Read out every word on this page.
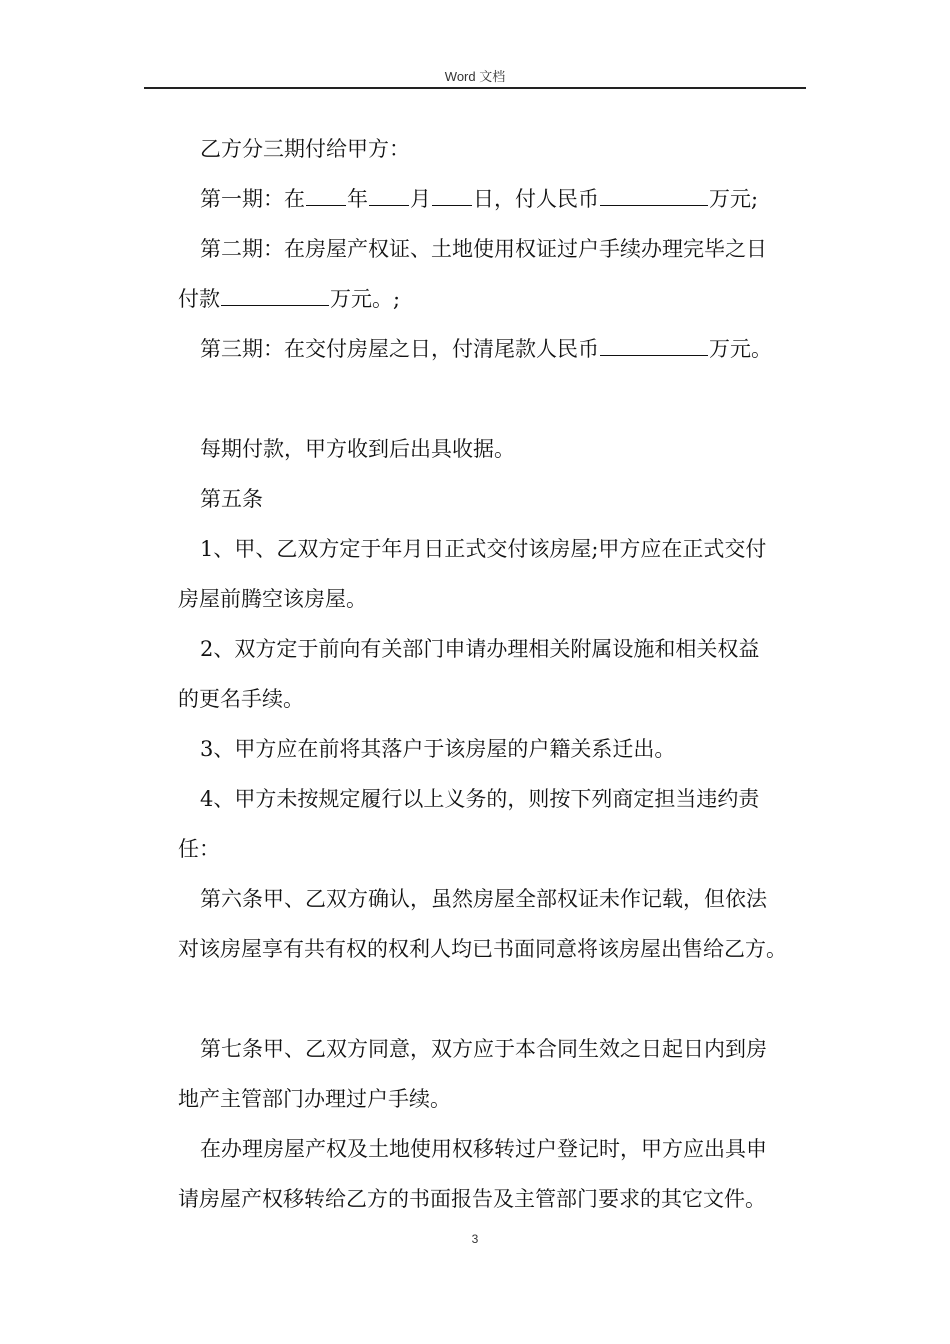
Word 文档
乙方分三期付给甲方：
第一期：在 年 月 日，付人民币	万元;
第二期：在房屋产权证、土地使用权证过户手续办理完毕之日
付款	万元。;
第三期：在交付房屋之日，付清尾款人民币	万元。
每期付款，甲方收到后出具收据。
第五条
1、甲、乙双方定于年月日正式交付该房屋;甲方应在正式交付
房屋前腾空该房屋。
2、双方定于前向有关部门申请办理相关附属设施和相关权益
的更名手续。
3、甲方应在前将其落户于该房屋的户籍关系迁出。
4、甲方未按规定履行以上义务的，则按下列商定担当违约责
任：
第六条甲、乙双方确认，虽然房屋全部权证未作记载，但依法
对该房屋享有共有权的权利人均已书面同意将该房屋出售给乙方。
第七条甲、乙双方同意，双方应于本合同生效之日起日内到房
地产主管部门办理过户手续。
在办理房屋产权及土地使用权移转过户登记时，甲方应出具申
请房屋产权移转给乙方的书面报告及主管部门要求的其它文件。
3
